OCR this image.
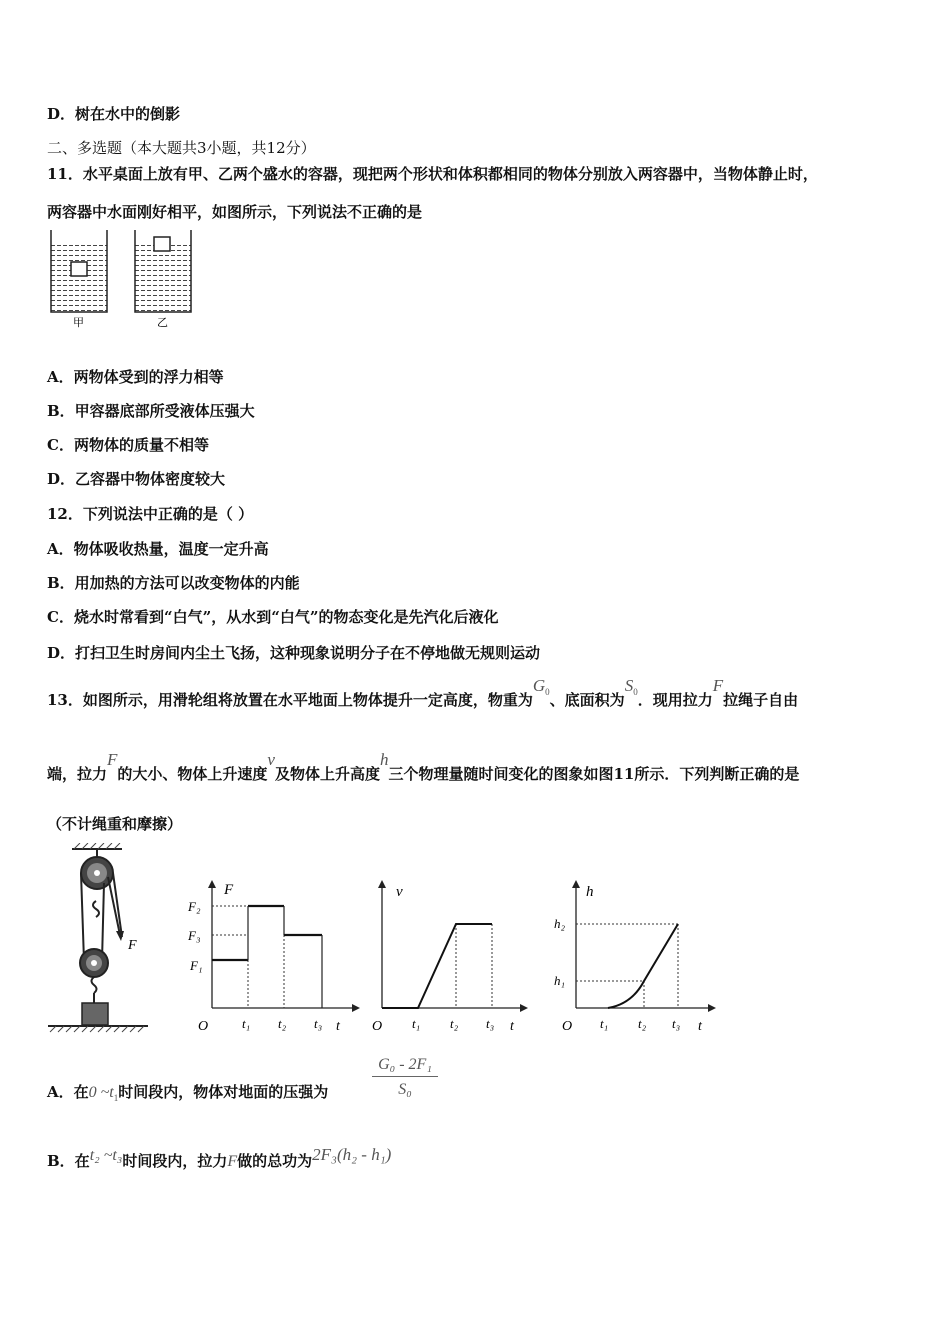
D．树在水中的倒影
二、多选题（本大题共3小题，共12分）
11．水平桌面上放有甲、乙两个盛水的容器，现把两个形状和体积都相同的物体分别放入两容器中，当物体静止时，
两容器中水面刚好相平，如图所示，下列说法不正确的是
甲	乙
A．两物体受到的浮力相等
B．甲容器底部所受液体压强大
C．两物体的质量不相等
D．乙容器中物体密度较大
12．下列说法中正确的是（ ）
A．物体吸收热量，温度一定升高
B．用加热的方法可以改变物体的内能
C．烧水时常看到“白气”，从水到“白气”的物态变化是先汽化后液化
D．打扫卫生时房间内尘土飞扬，这种现象说明分子在不停地做无规则运动
13．如图所示，用滑轮组将放置在水平地面上物体提升一定高度，物重为$G_0$、底面积为$S_0$．现用拉力F拉绳子自由
端，拉力F的大小、物体上升速度v及物体上升高度h三个物理量随时间变化的图象如图11所示．下列判断正确的是
（不计绳重和摩擦）
F
F
t
O
F₂
F₃
F₁
t₁ t₂ t₃
v
t
O t₁ t₂ t₃
h
t
O
h₂
h₁
t₁ t₂ t₃
A．在0 $\sim t_1$时间段内，物体对地面的压强为	$\frac{\text{G₀ - 2F₁}}{\text{S₀}}$
B．在t₂ ~t₃时间段内，拉力F做的总功为2F₃(h₂ - h₁)
